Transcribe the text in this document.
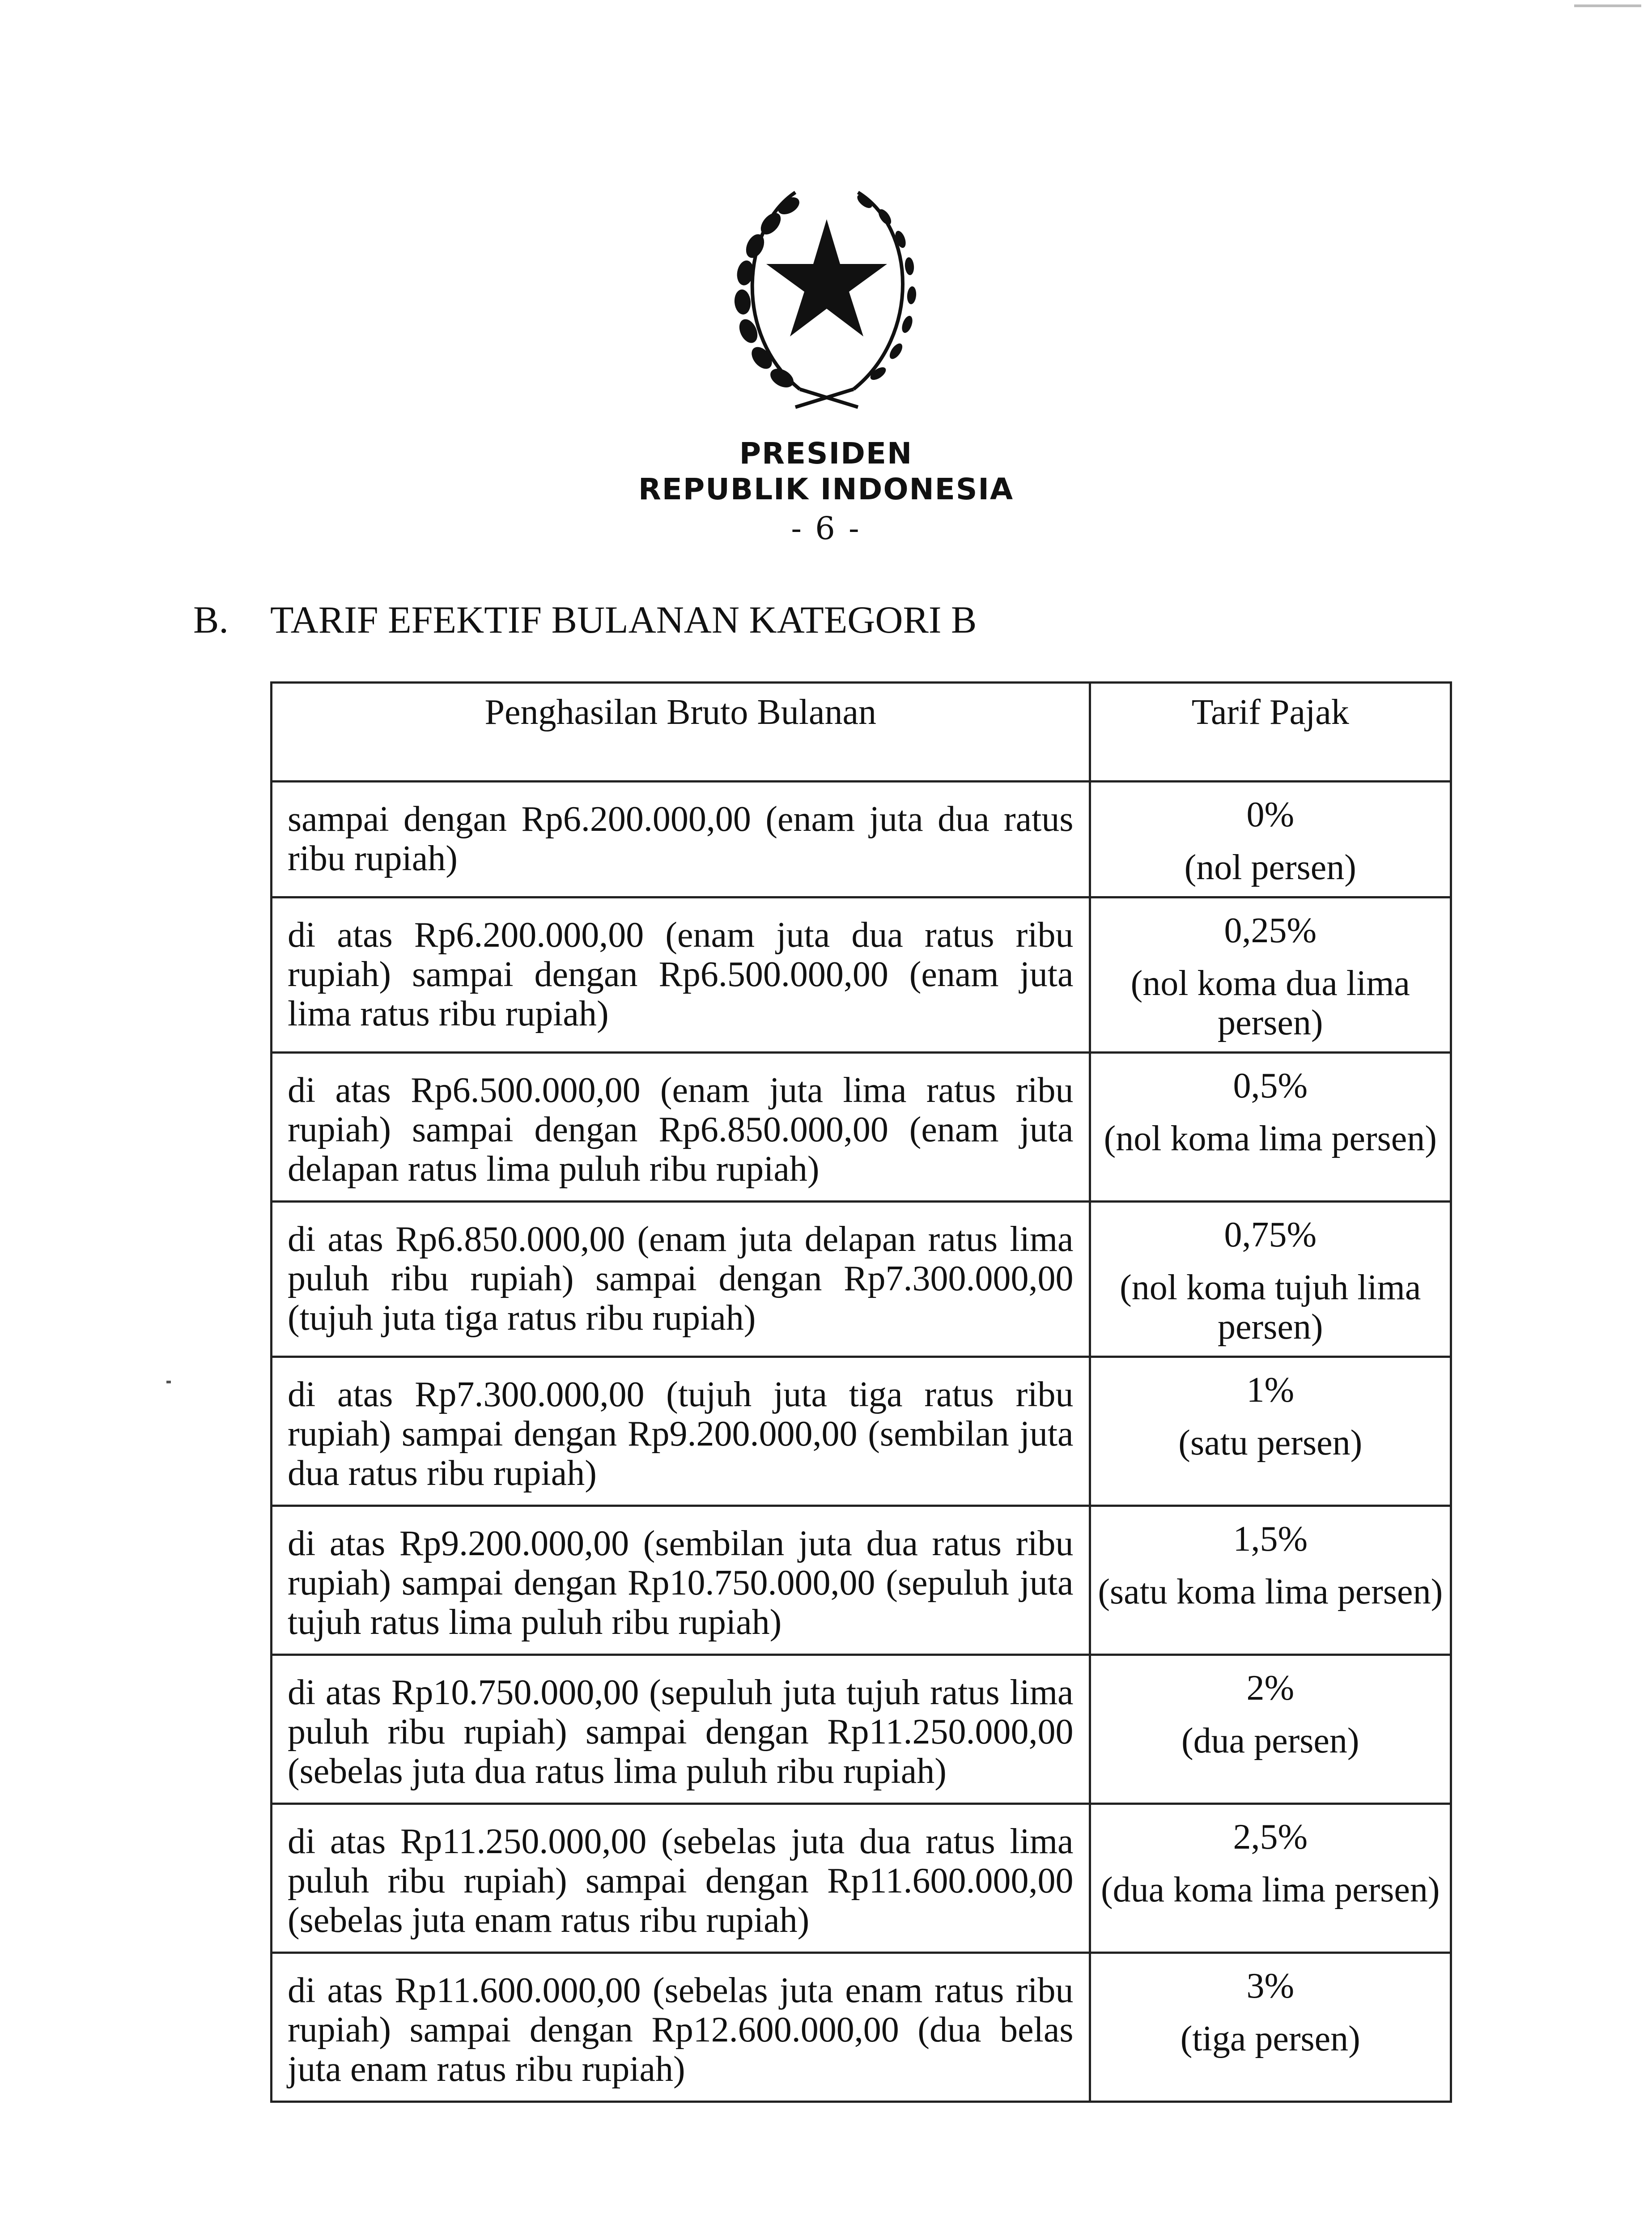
PRESIDEN
REPUBLIK INDONESIA
- 6 -
B. TARIF EFEKTIF BULANAN KATEGORI B
Penghasilan Bruto Bulanan	Tarif Pajak
sampai dengan Rp6.200.000,00 (enam juta dua ratus ribu rupiah)	0%
(nol persen)

di atas Rp6.200.000,00 (enam juta dua ratus ribu rupiah) sampai dengan Rp6.500.000,00 (enam juta lima ratus ribu rupiah)	0,25%
(nol koma dua lima persen)

di atas Rp6.500.000,00 (enam juta lima ratus ribu rupiah) sampai dengan Rp6.850.000,00 (enam juta delapan ratus lima puluh ribu rupiah)	0,5%
(nol koma lima persen)

di atas Rp6.850.000,00 (enam juta delapan ratus lima puluh ribu rupiah) sampai dengan Rp7.300.000,00 (tujuh juta tiga ratus ribu rupiah)	0,75%
(nol koma tujuh lima persen)

di atas Rp7.300.000,00 (tujuh juta tiga ratus ribu rupiah) sampai dengan Rp9.200.000,00 (sembilan juta dua ratus ribu rupiah)	1%
(satu persen)

di atas Rp9.200.000,00 (sembilan juta dua ratus ribu rupiah) sampai dengan Rp10.750.000,00 (sepuluh juta tujuh ratus lima puluh ribu rupiah)	1,5%
(satu koma lima persen)

di atas Rp10.750.000,00 (sepuluh juta tujuh ratus lima puluh ribu rupiah) sampai dengan Rp11.250.000,00 (sebelas juta dua ratus lima puluh ribu rupiah)	2%
(dua persen)

di atas Rp11.250.000,00 (sebelas juta dua ratus lima puluh ribu rupiah) sampai dengan Rp11.600.000,00 (sebelas juta enam ratus ribu rupiah)	2,5%
(dua koma lima persen)

di atas Rp11.600.000,00 (sebelas juta enam ratus ribu rupiah) sampai dengan Rp12.600.000,00 (dua belas juta enam ratus ribu rupiah)	3%
(tiga persen)
